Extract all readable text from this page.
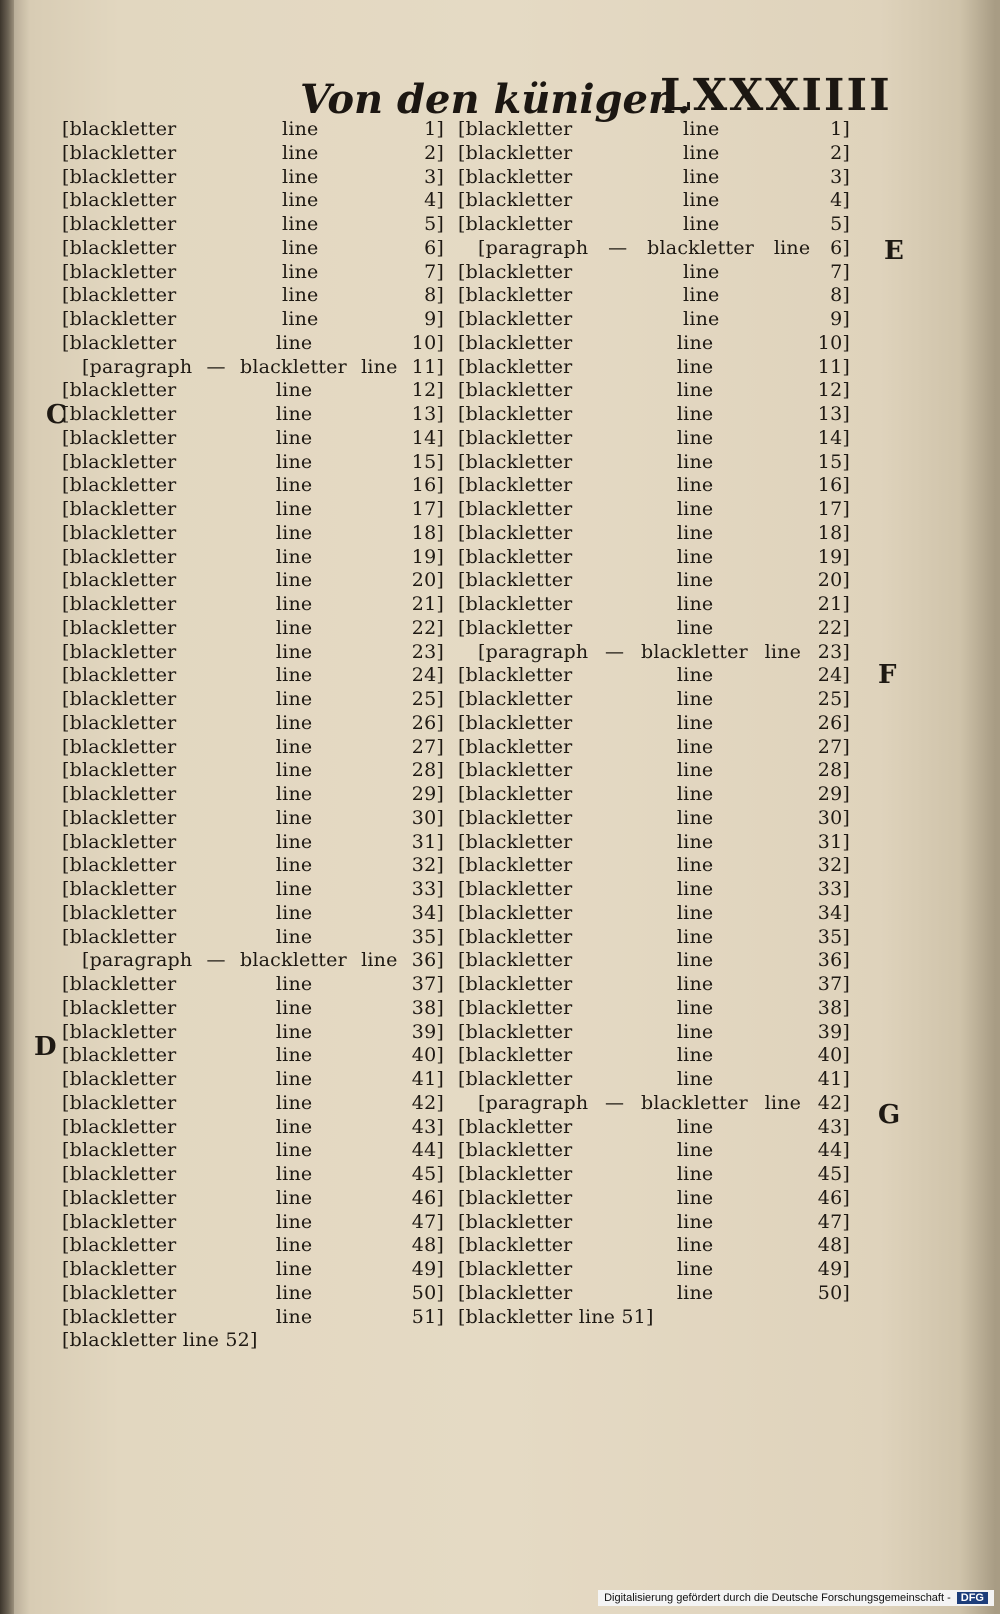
Von den künigen.
LXXXIIII
[blackletter line 1]
[blackletter line 2]
[blackletter line 3]
[blackletter line 4]
[blackletter line 5]
[blackletter line 6]
[blackletter line 7]
[blackletter line 8]
[blackletter line 9]
[blackletter line 10]
[paragraph — blackletter line 11]
[blackletter line 12]
[blackletter line 13]
[blackletter line 14]
[blackletter line 15]
[blackletter line 16]
[blackletter line 17]
[blackletter line 18]
[blackletter line 19]
[blackletter line 20]
[blackletter line 21]
[blackletter line 22]
[blackletter line 23]
[blackletter line 24]
[blackletter line 25]
[blackletter line 26]
[blackletter line 27]
[blackletter line 28]
[blackletter line 29]
[blackletter line 30]
[blackletter line 31]
[blackletter line 32]
[blackletter line 33]
[blackletter line 34]
[blackletter line 35]
[paragraph — blackletter line 36]
[blackletter line 37]
[blackletter line 38]
[blackletter line 39]
[blackletter line 40]
[blackletter line 41]
[blackletter line 42]
[blackletter line 43]
[blackletter line 44]
[blackletter line 45]
[blackletter line 46]
[blackletter line 47]
[blackletter line 48]
[blackletter line 49]
[blackletter line 50]
[blackletter line 51]
[blackletter line 52]
[blackletter line 1]
[blackletter line 2]
[blackletter line 3]
[blackletter line 4]
[blackletter line 5]
[paragraph — blackletter line 6]
[blackletter line 7]
[blackletter line 8]
[blackletter line 9]
[blackletter line 10]
[blackletter line 11]
[blackletter line 12]
[blackletter line 13]
[blackletter line 14]
[blackletter line 15]
[blackletter line 16]
[blackletter line 17]
[blackletter line 18]
[blackletter line 19]
[blackletter line 20]
[blackletter line 21]
[blackletter line 22]
[paragraph — blackletter line 23]
[blackletter line 24]
[blackletter line 25]
[blackletter line 26]
[blackletter line 27]
[blackletter line 28]
[blackletter line 29]
[blackletter line 30]
[blackletter line 31]
[blackletter line 32]
[blackletter line 33]
[blackletter line 34]
[blackletter line 35]
[blackletter line 36]
[blackletter line 37]
[blackletter line 38]
[blackletter line 39]
[blackletter line 40]
[blackletter line 41]
[paragraph — blackletter line 42]
[blackletter line 43]
[blackletter line 44]
[blackletter line 45]
[blackletter line 46]
[blackletter line 47]
[blackletter line 48]
[blackletter line 49]
[blackletter line 50]
[blackletter line 51]
C
D
E
F
G
Digitalisierung gefördert durch die Deutsche Forschungsgemeinschaft - DFG
